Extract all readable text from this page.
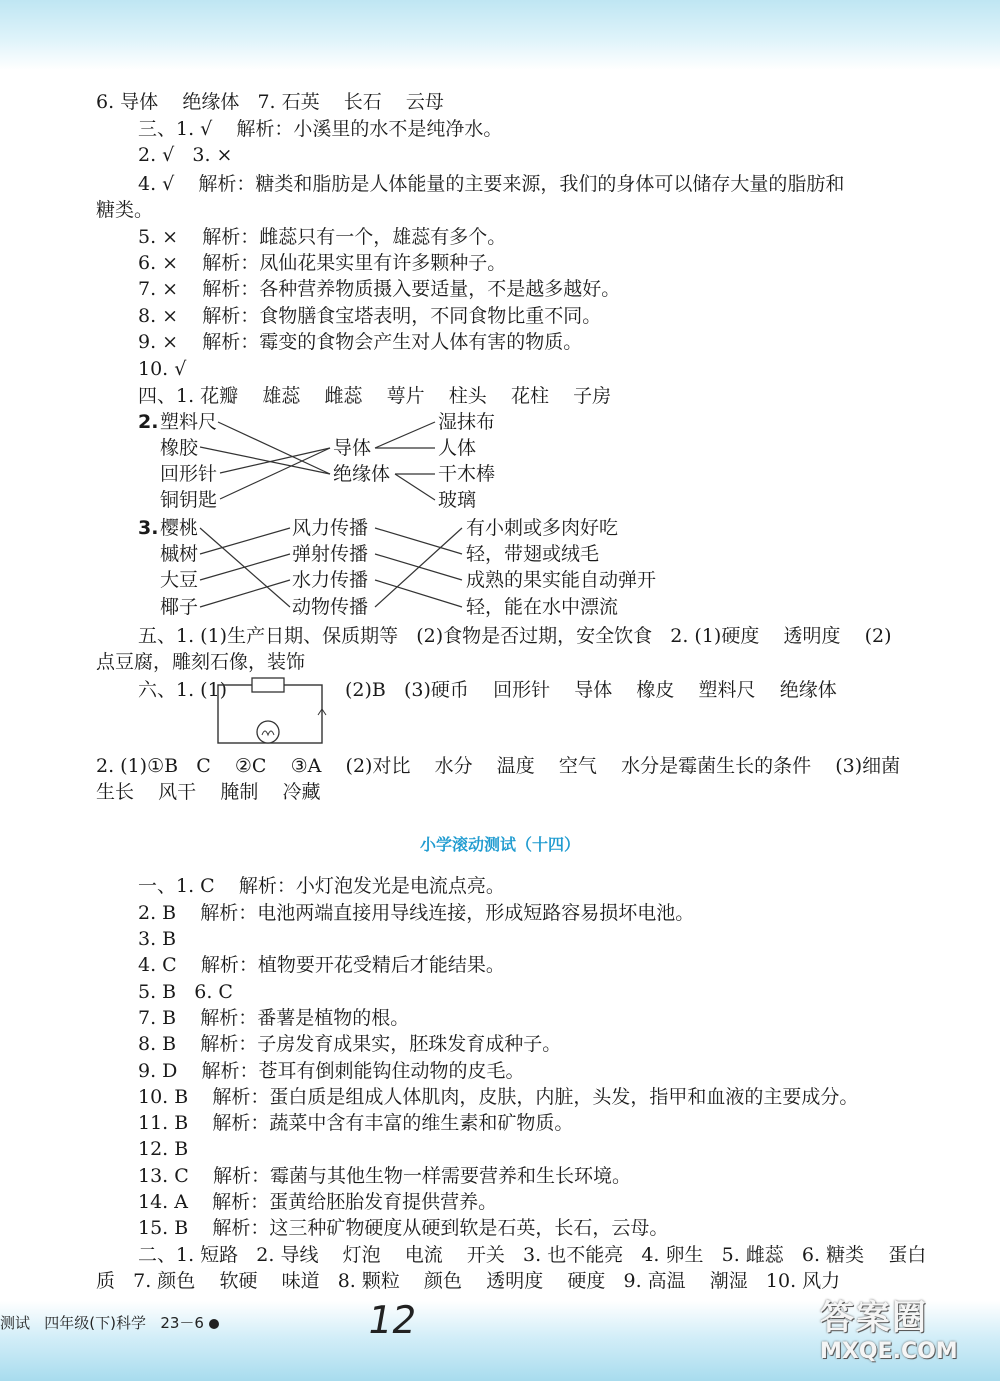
6. 导体    绝缘体   7. 石英    长石    云母
三、1. √    解析：小溪里的水不是纯净水。
2. √   3. ×
4. √    解析：糖类和脂肪是人体能量的主要来源，我们的身体可以储存大量的脂肪和
糖类。
5. ×    解析：雌蕊只有一个，雄蕊有多个。
6. ×    解析：凤仙花果实里有许多颗种子。
7. ×    解析：各种营养物质摄入要适量，不是越多越好。
8. ×    解析：食物膳食宝塔表明，不同食物比重不同。
9. ×    解析：霉变的食物会产生对人体有害的物质。
10. √
四、1. 花瓣    雄蕊    雌蕊    萼片    柱头    花柱    子房
2. 塑料尺
橡胶
回形针
铜钥匙
导体
绝缘体
湿抹布
人体
干木棒
玻璃
3. 樱桃
槭树
大豆
椰子
风力传播
弹射传播
水力传播
动物传播
有小刺或多肉好吃
轻，带翅或绒毛
成熟的果实能自动弹开
轻，能在水中漂流
五、1. (1)生产日期、保质期等   (2)食物是否过期，安全饮食   2. (1)硬度    透明度    (2)
点豆腐，雕刻石像，装饰
六、1. (1)	(2)B   (3)硬币    回形针    导体    橡皮    塑料尺    绝缘体
2. (1)①B   C    ②C    ③A    (2)对比    水分    温度    空气    水分是霉菌生长的条件    (3)细菌
生长    风干    腌制    冷藏
小学滚动测试（十四）
一、1. C    解析：小灯泡发光是电流点亮。
2. B    解析：电池两端直接用导线连接，形成短路容易损坏电池。
3. B
4. C    解析：植物要开花受精后才能结果。
5. B   6. C
7. B    解析：番薯是植物的根。
8. B    解析：子房发育成果实，胚珠发育成种子。
9. D    解析：苍耳有倒刺能钩住动物的皮毛。
10. B    解析：蛋白质是组成人体肌肉，皮肤，内脏，头发，指甲和血液的主要成分。
11. B    解析：蔬菜中含有丰富的维生素和矿物质。
12. B
13. C    解析：霉菌与其他生物一样需要营养和生长环境。
14. A    解析：蛋黄给胚胎发育提供营养。
15. B    解析：这三种矿物硬度从硬到软是石英，长石，云母。
二、1. 短路   2. 导线    灯泡    电流    开关   3. 也不能亮   4. 卵生   5. 雌蕊   6. 糖类    蛋白
质   7. 颜色    软硬    味道   8. 颗粒    颜色    透明度    硬度   9. 高温    潮湿   10. 风力
测试   四年级(下)科学   23－6	12	答案圈
MXQE.COM
